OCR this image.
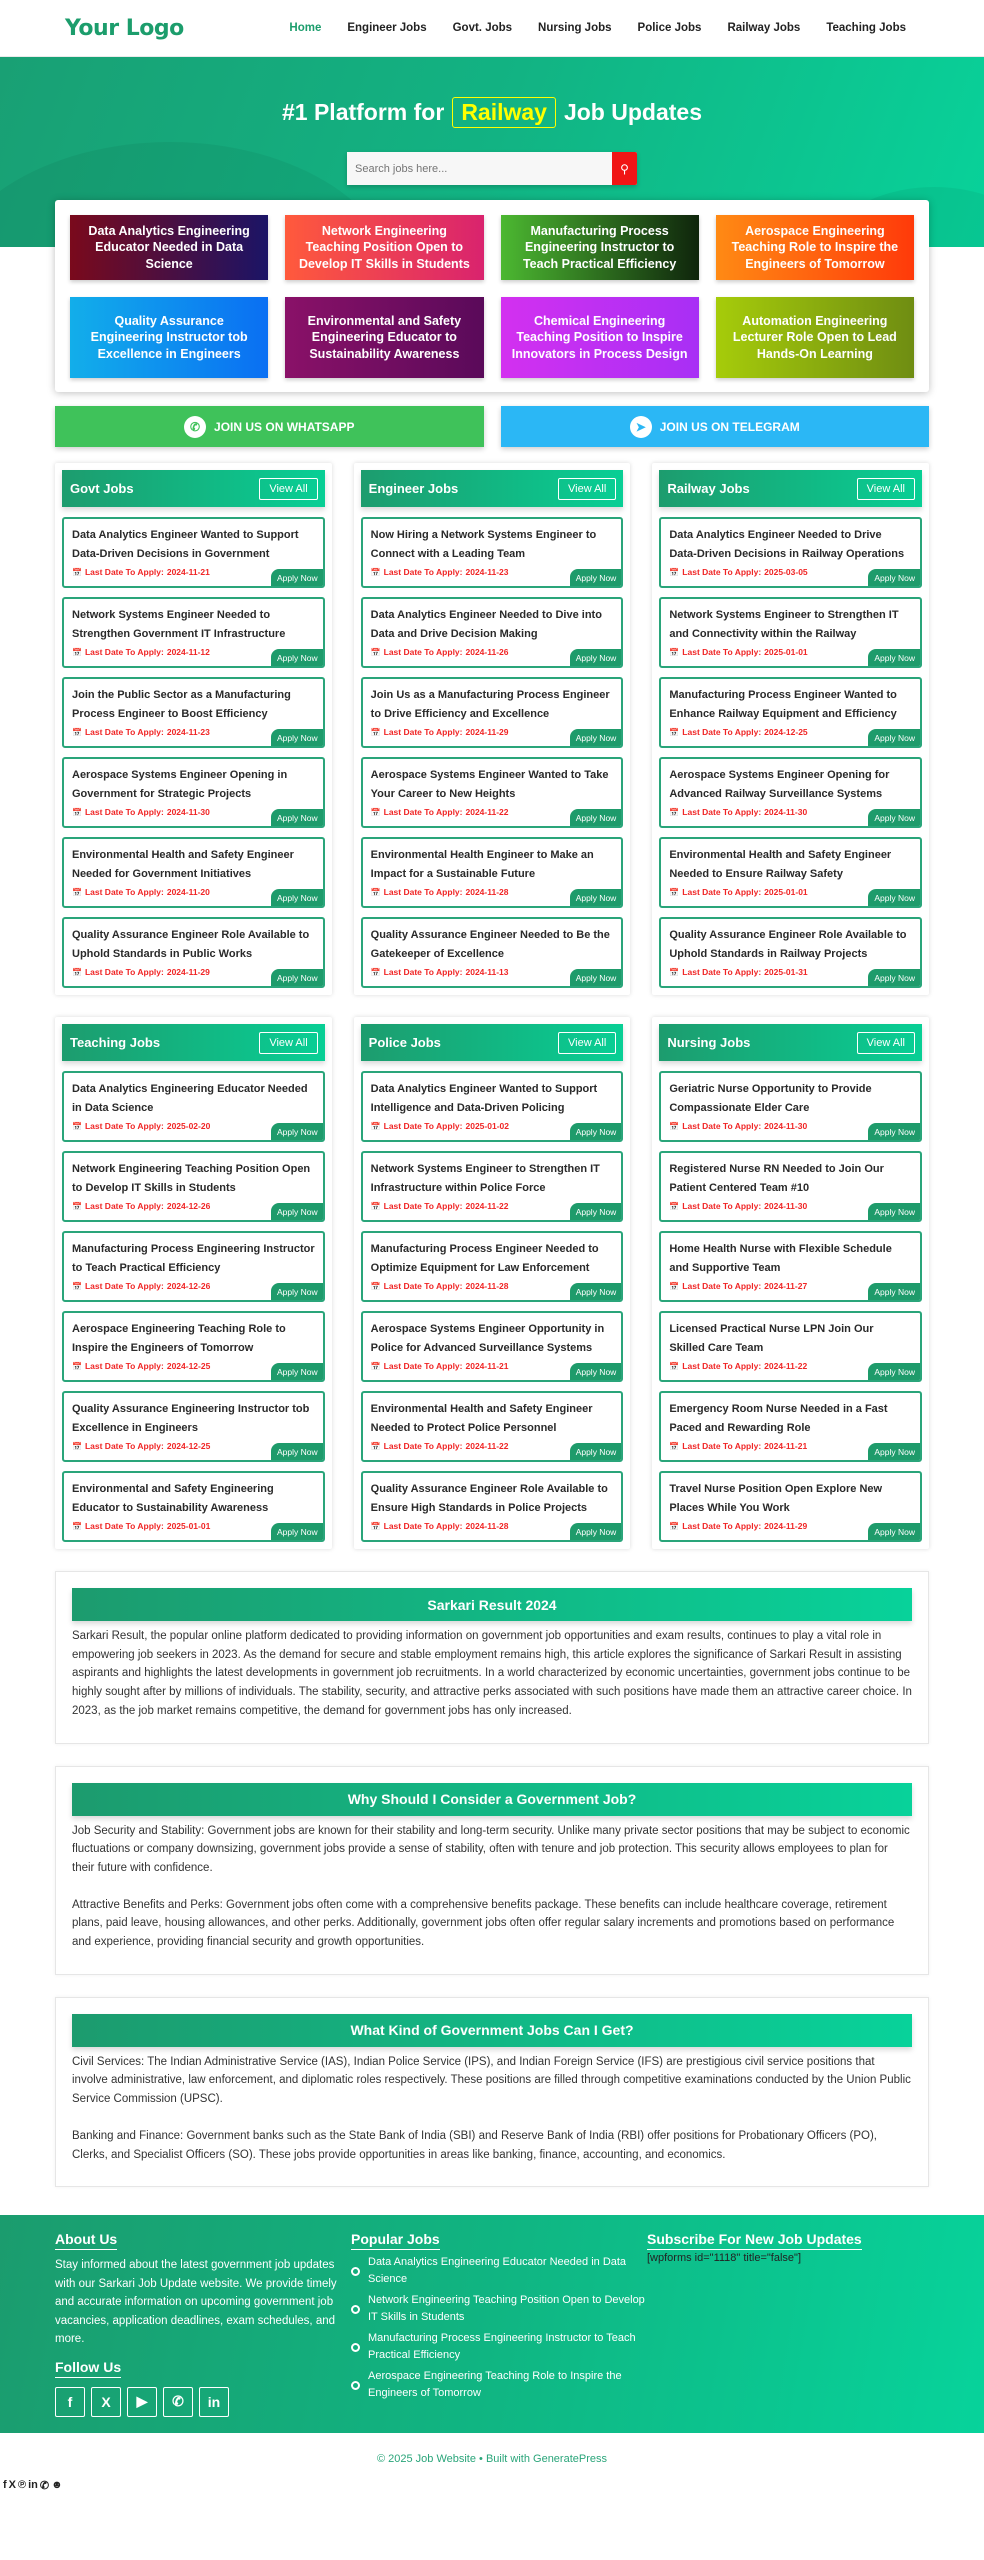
Your Logo	Home	Engineer Jobs	Govt. Jobs	Nursing Jobs	Police Jobs	Railway Jobs	Teaching Jobs
#1 Platform for Railway Job Updates
Search jobs here...
⚲
Data Analytics Engineering Educator Needed in Data Science
Network Engineering Teaching Position Open to Develop IT Skills in Students
Manufacturing Process Engineering Instructor to Teach Practical Efficiency
Aerospace Engineering Teaching Role to Inspire the Engineers of Tomorrow
Quality Assurance Engineering Instructor tob Excellence in Engineers
Environmental and Safety Engineering Educator to Sustainability Awareness
Chemical Engineering Teaching Position to Inspire Innovators in Process Design
Automation Engineering Lecturer Role Open to Lead Hands-On Learning
✆	JOIN US ON WHATSAPP	➤	JOIN US ON TELEGRAM
Govt Jobs	View All
Data Analytics Engineer Wanted to Support Data-Driven Decisions in Government
📅 Last Date To Apply: 2024-11-21
Apply Now
Network Systems Engineer Needed to Strengthen Government IT Infrastructure
📅 Last Date To Apply: 2024-11-12
Apply Now
Join the Public Sector as a Manufacturing Process Engineer to Boost Efficiency
📅 Last Date To Apply: 2024-11-23
Apply Now
Aerospace Systems Engineer Opening in Government for Strategic Projects
📅 Last Date To Apply: 2024-11-30
Apply Now
Environmental Health and Safety Engineer Needed for Government Initiatives
📅 Last Date To Apply: 2024-11-20
Apply Now
Quality Assurance Engineer Role Available to Uphold Standards in Public Works
📅 Last Date To Apply: 2024-11-29
Apply Now
Engineer Jobs	View All
Now Hiring a Network Systems Engineer to Connect with a Leading Team
📅 Last Date To Apply: 2024-11-23
Apply Now
Data Analytics Engineer Needed to Dive into Data and Drive Decision Making
📅 Last Date To Apply: 2024-11-26
Apply Now
Join Us as a Manufacturing Process Engineer to Drive Efficiency and Excellence
📅 Last Date To Apply: 2024-11-29
Apply Now
Aerospace Systems Engineer Wanted to Take Your Career to New Heights
📅 Last Date To Apply: 2024-11-22
Apply Now
Environmental Health Engineer to Make an Impact for a Sustainable Future
📅 Last Date To Apply: 2024-11-28
Apply Now
Quality Assurance Engineer Needed to Be the Gatekeeper of Excellence
📅 Last Date To Apply: 2024-11-13
Apply Now
Railway Jobs	View All
Data Analytics Engineer Needed to Drive Data-Driven Decisions in Railway Operations
📅 Last Date To Apply: 2025-03-05
Apply Now
Network Systems Engineer to Strengthen IT and Connectivity within the Railway
📅 Last Date To Apply: 2025-01-01
Apply Now
Manufacturing Process Engineer Wanted to Enhance Railway Equipment and Efficiency
📅 Last Date To Apply: 2024-12-25
Apply Now
Aerospace Systems Engineer Opening for Advanced Railway Surveillance Systems
📅 Last Date To Apply: 2024-11-30
Apply Now
Environmental Health and Safety Engineer Needed to Ensure Railway Safety
📅 Last Date To Apply: 2025-01-01
Apply Now
Quality Assurance Engineer Role Available to Uphold Standards in Railway Projects
📅 Last Date To Apply: 2025-01-31
Apply Now
Teaching Jobs	View All
Data Analytics Engineering Educator Needed in Data Science
📅 Last Date To Apply: 2025-02-20
Apply Now
Network Engineering Teaching Position Open to Develop IT Skills in Students
📅 Last Date To Apply: 2024-12-26
Apply Now
Manufacturing Process Engineering Instructor to Teach Practical Efficiency
📅 Last Date To Apply: 2024-12-26
Apply Now
Aerospace Engineering Teaching Role to Inspire the Engineers of Tomorrow
📅 Last Date To Apply: 2024-12-25
Apply Now
Quality Assurance Engineering Instructor tob Excellence in Engineers
📅 Last Date To Apply: 2024-12-25
Apply Now
Environmental and Safety Engineering Educator to Sustainability Awareness
📅 Last Date To Apply: 2025-01-01
Apply Now
Police Jobs	View All
Data Analytics Engineer Wanted to Support Intelligence and Data-Driven Policing
📅 Last Date To Apply: 2025-01-02
Apply Now
Network Systems Engineer to Strengthen IT Infrastructure within Police Force
📅 Last Date To Apply: 2024-11-22
Apply Now
Manufacturing Process Engineer Needed to Optimize Equipment for Law Enforcement
📅 Last Date To Apply: 2024-11-28
Apply Now
Aerospace Systems Engineer Opportunity in Police for Advanced Surveillance Systems
📅 Last Date To Apply: 2024-11-21
Apply Now
Environmental Health and Safety Engineer Needed to Protect Police Personnel
📅 Last Date To Apply: 2024-11-22
Apply Now
Quality Assurance Engineer Role Available to Ensure High Standards in Police Projects
📅 Last Date To Apply: 2024-11-28
Apply Now
Nursing Jobs	View All
Geriatric Nurse Opportunity to Provide Compassionate Elder Care
📅 Last Date To Apply: 2024-11-30
Apply Now
Registered Nurse RN Needed to Join Our Patient Centered Team #10
📅 Last Date To Apply: 2024-11-30
Apply Now
Home Health Nurse with Flexible Schedule and Supportive Team
📅 Last Date To Apply: 2024-11-27
Apply Now
Licensed Practical Nurse LPN Join Our Skilled Care Team
📅 Last Date To Apply: 2024-11-22
Apply Now
Emergency Room Nurse Needed in a Fast Paced and Rewarding Role
📅 Last Date To Apply: 2024-11-21
Apply Now
Travel Nurse Position Open Explore New Places While You Work
📅 Last Date To Apply: 2024-11-29
Apply Now
Sarkari Result 2024

Sarkari Result, the popular online platform dedicated to providing information on government job opportunities and exam results, continues to play a vital role in empowering job seekers in 2023. As the demand for secure and stable employment remains high, this article explores the significance of Sarkari Result in assisting aspirants and highlights the latest developments in government job recruitments. In a world characterized by economic uncertainties, government jobs continue to be highly sought after by millions of individuals. The stability, security, and attractive perks associated with such positions have made them an attractive career choice. In 2023, as the job market remains competitive, the demand for government jobs has only increased.

Why Should I Consider a Government Job?

Job Security and Stability: Government jobs are known for their stability and long-term security. Unlike many private sector positions that may be subject to economic fluctuations or company downsizing, government jobs provide a sense of stability, often with tenure and job protection. This security allows employees to plan for their future with confidence.

Attractive Benefits and Perks: Government jobs often come with a comprehensive benefits package. These benefits can include healthcare coverage, retirement plans, paid leave, housing allowances, and other perks. Additionally, government jobs often offer regular salary increments and promotions based on performance and experience, providing financial security and growth opportunities.

What Kind of Government Jobs Can I Get?

Civil Services: The Indian Administrative Service (IAS), Indian Police Service (IPS), and Indian Foreign Service (IFS) are prestigious civil service positions that involve administrative, law enforcement, and diplomatic roles respectively. These positions are filled through competitive examinations conducted by the Union Public Service Commission (UPSC).

Banking and Finance: Government banks such as the State Bank of India (SBI) and Reserve Bank of India (RBI) offer positions for Probationary Officers (PO), Clerks, and Specialist Officers (SO). These jobs provide opportunities in areas like banking, finance, accounting, and economics.

About Us

Stay informed about the latest government job updates with our Sarkari Job Update website. We provide timely and accurate information on upcoming government job vacancies, application deadlines, exam schedules, and more.

Follow Us
f X ▶ ✆ in
Popular Jobs
Data Analytics Engineering Educator Needed in Data Science
Network Engineering Teaching Position Open to Develop IT Skills in Students
Manufacturing Process Engineering Instructor to Teach Practical Efficiency
Aerospace Engineering Teaching Role to Inspire the Engineers of Tomorrow
Subscribe For New Job Updates
[wpforms id="1118" title="false"]
© 2025 Job Website • Built with GeneratePress
f X ℗ in ✆ ☻
